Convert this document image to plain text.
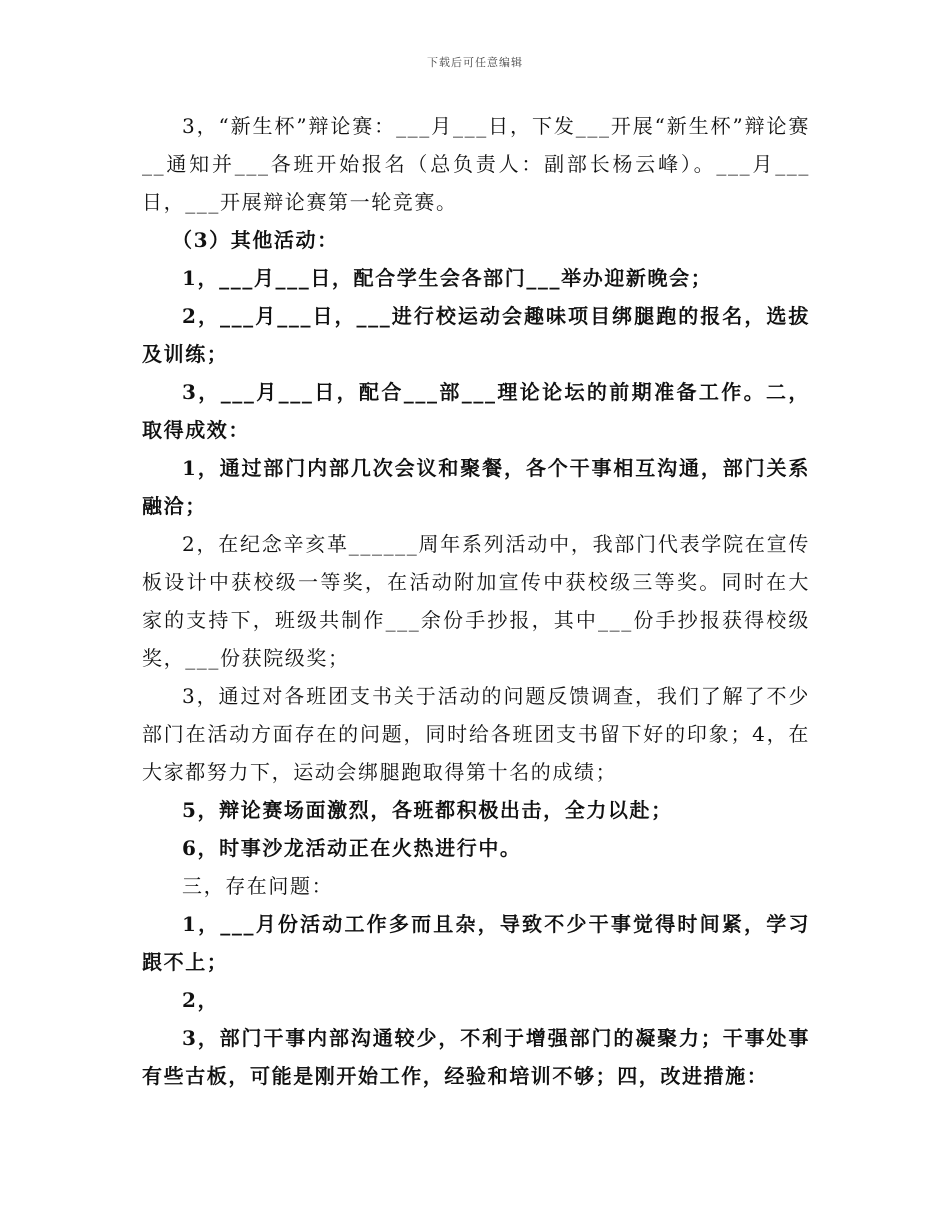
下载后可任意编辑

3，“新生杯”辩论赛：___月___日，下发___开展“新生杯”辩论赛__通知并___各班开始报名（总负责人：副部长杨云峰）。___月___日，___开展辩论赛第一轮竞赛。

（3）其他活动：

1，___月___日，配合学生会各部门___举办迎新晚会；

2，___月___日，___进行校运动会趣味项目绑腿跑的报名，选拔及训练；

3，___月___日，配合___部___理论论坛的前期准备工作。二，取得成效：

1，通过部门内部几次会议和聚餐，各个干事相互沟通，部门关系融洽；

2，在纪念辛亥革______周年系列活动中，我部门代表学院在宣传板设计中获校级一等奖，在活动附加宣传中获校级三等奖。同时在大家的支持下，班级共制作___余份手抄报，其中___份手抄报获得校级奖，___份获院级奖；

3，通过对各班团支书关于活动的问题反馈调查，我们了解了不少部门在活动方面存在的问题，同时给各班团支书留下好的印象；4，在大家都努力下，运动会绑腿跑取得第十名的成绩；

5，辩论赛场面激烈，各班都积极出击，全力以赴；

6，时事沙龙活动正在火热进行中。

三，存在问题：

1，___月份活动工作多而且杂，导致不少干事觉得时间紧，学习跟不上；

2，

3，部门干事内部沟通较少，不利于增强部门的凝聚力；干事处事有些古板，可能是刚开始工作，经验和培训不够；四，改进措施：
